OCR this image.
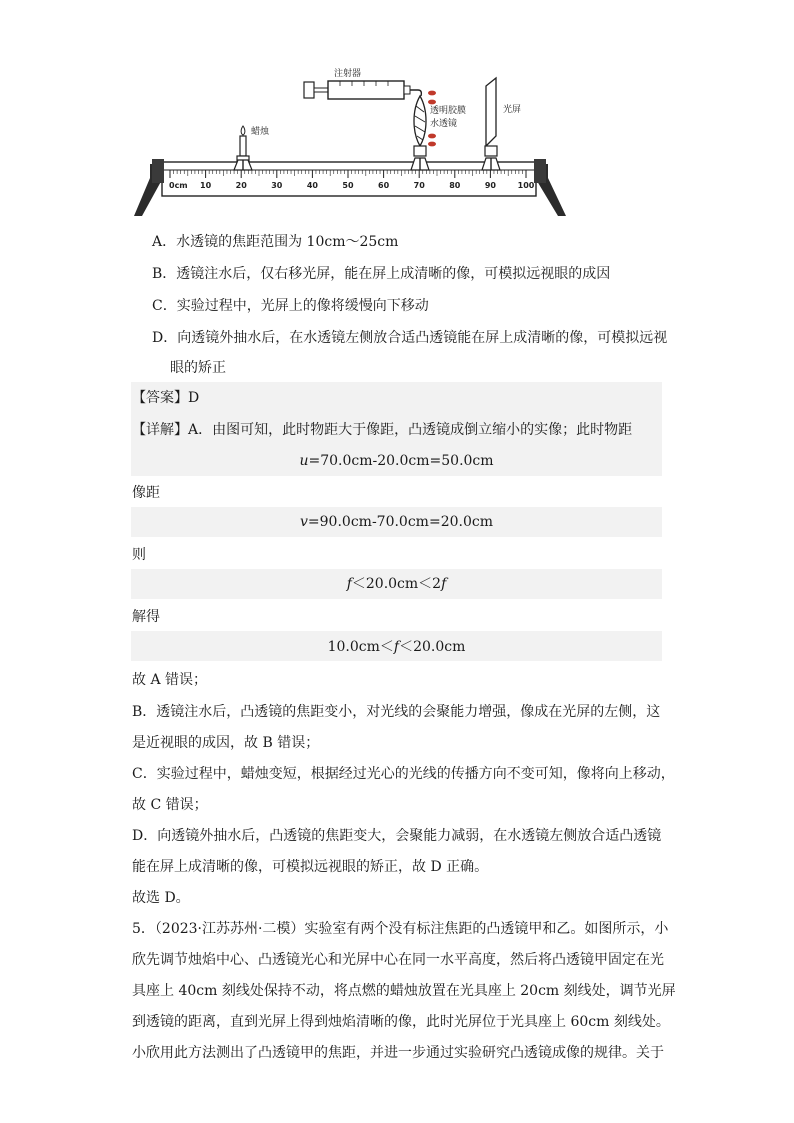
0cm 10	20	30	40	50	60	70	80	90	100
蜡烛
注射器
透明胶膜
水透镜
光屏
A．水透镜的焦距范围为 10cm～25cm
B．透镜注水后，仅右移光屏，能在屏上成清晰的像，可模拟远视眼的成因
C．实验过程中，光屏上的像将缓慢向下移动
D．向透镜外抽水后，在水透镜左侧放合适凸透镜能在屏上成清晰的像，可模拟远视
眼的矫正
【答案】D
【详解】A．由图可知，此时物距大于像距，凸透镜成倒立缩小的实像；此时物距
u=70.0cm-20.0cm=50.0cm
像距
v=90.0cm-70.0cm=20.0cm
则
f＜20.0cm＜2f
解得
10.0cm＜f＜20.0cm
故 A 错误；
B．透镜注水后，凸透镜的焦距变小，对光线的会聚能力增强，像成在光屏的左侧，这
是近视眼的成因，故 B 错误；
C．实验过程中，蜡烛变短，根据经过光心的光线的传播方向不变可知，像将向上移动，
故 C 错误；
D．向透镜外抽水后，凸透镜的焦距变大，会聚能力减弱，在水透镜左侧放合适凸透镜
能在屏上成清晰的像，可模拟远视眼的矫正，故 D 正确。
故选 D。
5．（2023·江苏苏州·二模）实验室有两个没有标注焦距的凸透镜甲和乙。如图所示，小
欣先调节烛焰中心、凸透镜光心和光屏中心在同一水平高度，然后将凸透镜甲固定在光
具座上 40cm 刻线处保持不动，将点燃的蜡烛放置在光具座上 20cm 刻线处，调节光屏
到透镜的距离，直到光屏上得到烛焰清晰的像，此时光屏位于光具座上 60cm 刻线处。
小欣用此方法测出了凸透镜甲的焦距，并进一步通过实验研究凸透镜成像的规律。关于
